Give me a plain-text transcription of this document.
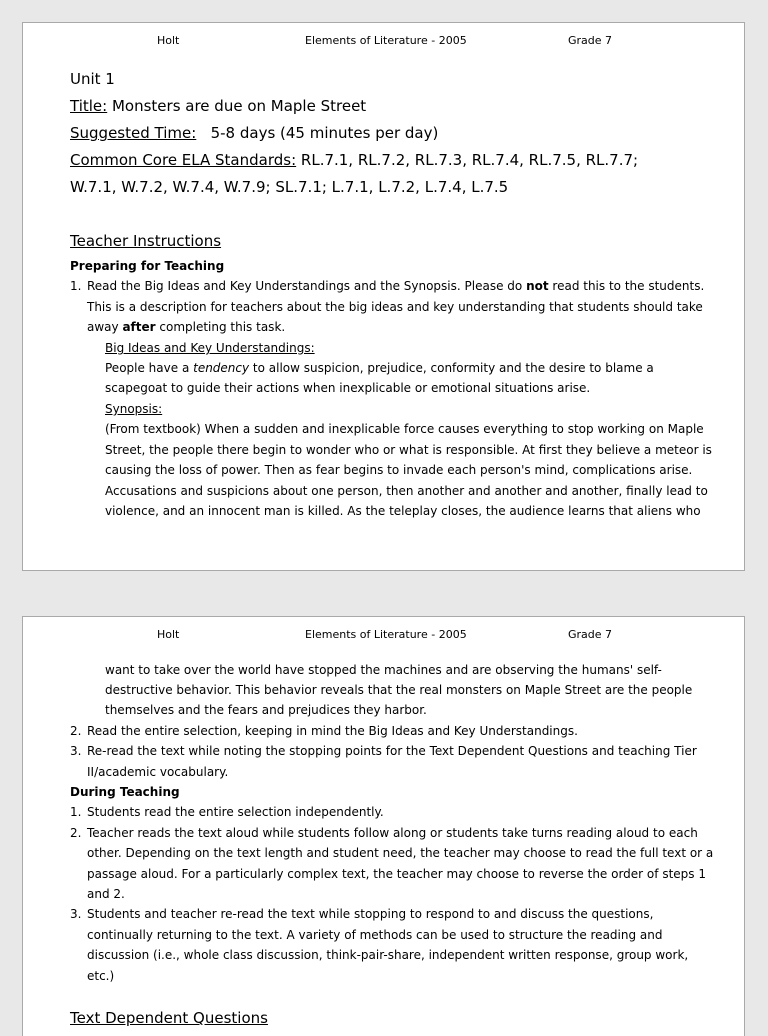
Holt	Elements of Literature - 2005	Grade 7
Unit 1
Title: Monsters are due on Maple Street
Suggested Time: 5-8 days (45 minutes per day)
Common Core ELA Standards: RL.7.1, RL.7.2, RL.7.3, RL.7.4, RL.7.5, RL.7.7;
W.7.1, W.7.2, W.7.4, W.7.9; SL.7.1; L.7.1, L.7.2, L.7.4, L.7.5
Teacher Instructions
Preparing for Teaching
1. Read the Big Ideas and Key Understandings and the Synopsis. Please do not read this to the students.
This is a description for teachers about the big ideas and key understanding that students should take
away after completing this task.
Big Ideas and Key Understandings:
People have a tendency to allow suspicion, prejudice, conformity and the desire to blame a
scapegoat to guide their actions when inexplicable or emotional situations arise.
Synopsis:
(From textbook) When a sudden and inexplicable force causes everything to stop working on Maple
Street, the people there begin to wonder who or what is responsible. At first they believe a meteor is
causing the loss of power. Then as fear begins to invade each person's mind, complications arise.
Accusations and suspicions about one person, then another and another and another, finally lead to
violence, and an innocent man is killed. As the teleplay closes, the audience learns that aliens who
Holt	Elements of Literature - 2005	Grade 7
want to take over the world have stopped the machines and are observing the humans' self-
destructive behavior. This behavior reveals that the real monsters on Maple Street are the people
themselves and the fears and prejudices they harbor.
2. Read the entire selection, keeping in mind the Big Ideas and Key Understandings.
3. Re-read the text while noting the stopping points for the Text Dependent Questions and teaching Tier
II/academic vocabulary.
During Teaching
1. Students read the entire selection independently.
2. Teacher reads the text aloud while students follow along or students take turns reading aloud to each
other. Depending on the text length and student need, the teacher may choose to read the full text or a
passage aloud. For a particularly complex text, the teacher may choose to reverse the order of steps 1
and 2.
3. Students and teacher re-read the text while stopping to respond to and discuss the questions,
continually returning to the text. A variety of methods can be used to structure the reading and
discussion (i.e., whole class discussion, think-pair-share, independent written response, group work,
etc.)
Text Dependent Questions
